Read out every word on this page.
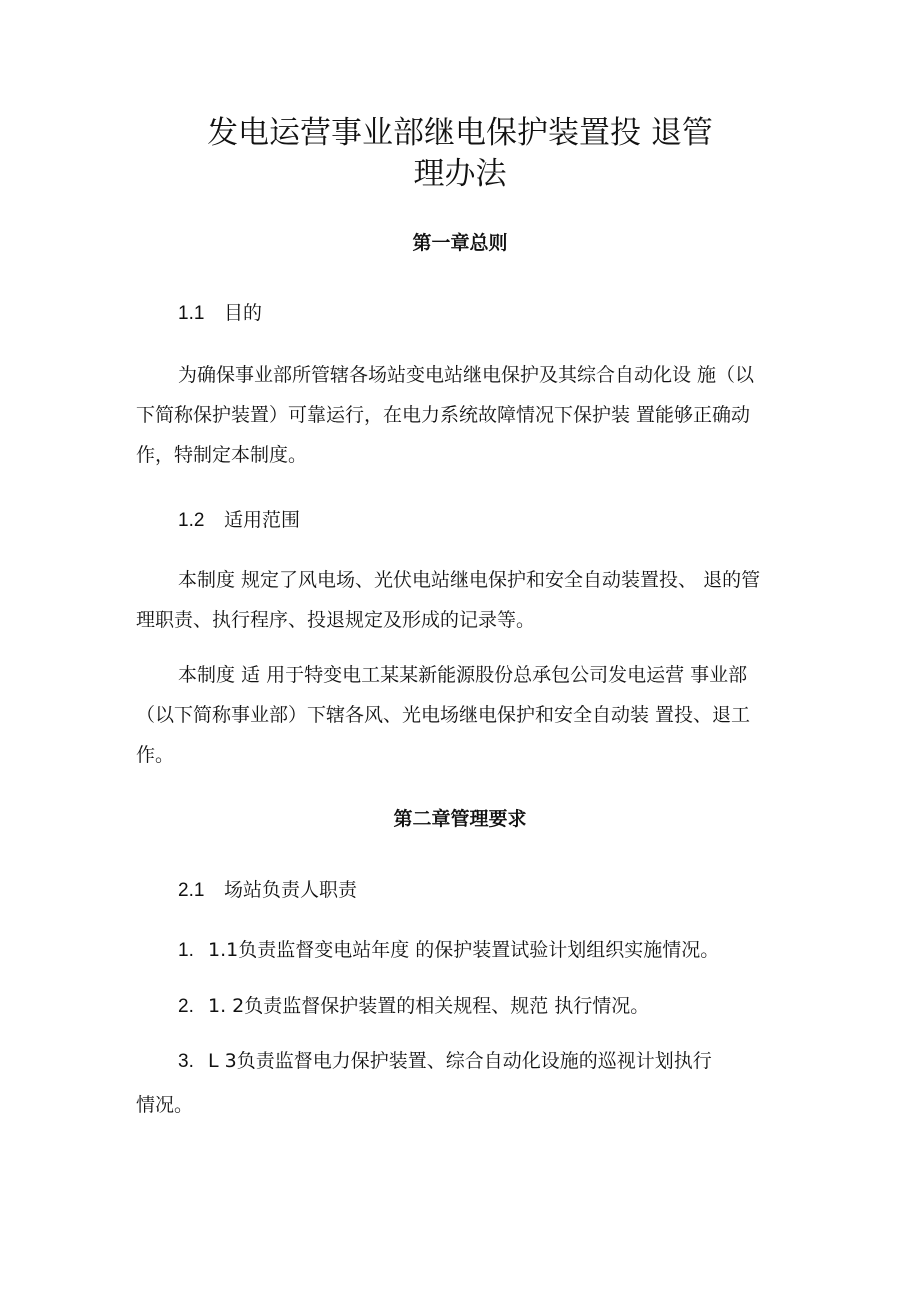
发电运营事业部继电保护装置投 退管
理办法
第一章总则
1.1 目的
为确保事业部所管辖各场站变电站继电保护及其综合自动化设 施（以
下简称保护装置）可靠运行，在电力系统故障情况下保护装 置能够正确动
作，特制定本制度。
1.2 适用范围
本制度 规定了风电场、光伏电站继电保护和安全自动装置投、 退的管
理职责、执行程序、投退规定及形成的记录等。
本制度 适 用于特变电工某某新能源股份总承包公司发电运营 事业部
（以下简称事业部）下辖各风、光电场继电保护和安全自动装 置投、退工
作。
第二章管理要求
2.1 场站负责人职责
1. 1.1负责监督变电站年度 的保护装置试验计划组织实施情况。
2. 1. 2负责监督保护装置的相关规程、规范 执行情况。
3. L 3负责监督电力保护装置、综合自动化设施的巡视计划执行
情况。
